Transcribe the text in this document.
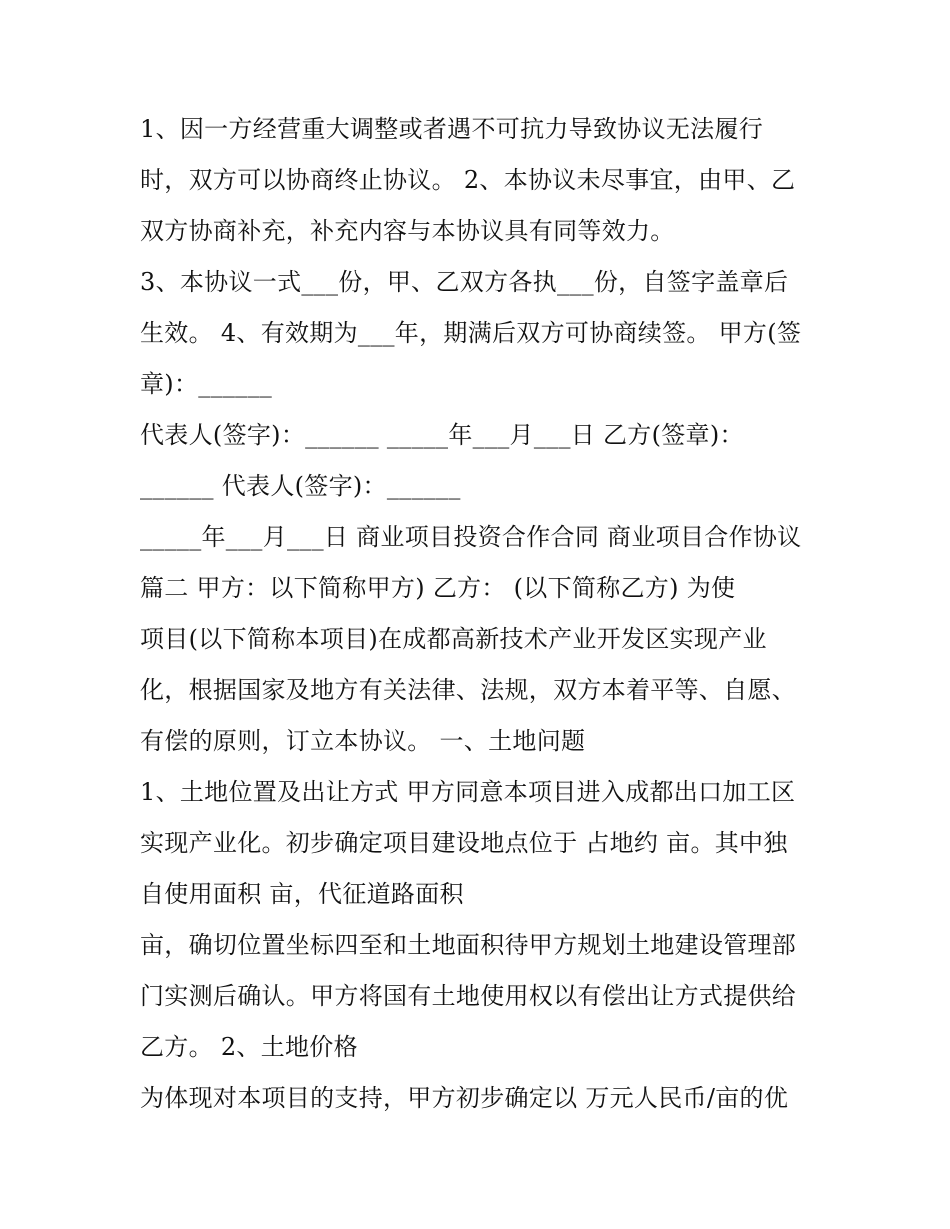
1、因一方经营重大调整或者遇不可抗力导致协议无法履行
时，双方可以协商终止协议。 2、本协议未尽事宜，由甲、乙
双方协商补充，补充内容与本协议具有同等效力。
3、本协议一式___份，甲、乙双方各执___份，自签字盖章后
生效。 4、有效期为___年，期满后双方可协商续签。 甲方(签
章)：______
代表人(签字)：______ _____年___月___日 乙方(签章)：
______ 代表人(签字)：______
_____年___月___日 商业项目投资合作合同 商业项目合作协议
篇二 甲方：以下简称甲方) 乙方： (以下简称乙方) 为使
项目(以下简称本项目)在成都高新技术产业开发区实现产业
化，根据国家及地方有关法律、法规，双方本着平等、自愿、
有偿的原则，订立本协议。 一、土地问题
1、土地位置及出让方式 甲方同意本项目进入成都出口加工区
实现产业化。初步确定项目建设地点位于 占地约 亩。其中独
自使用面积 亩，代征道路面积
亩，确切位置坐标四至和土地面积待甲方规划土地建设管理部
门实测后确认。甲方将国有土地使用权以有偿出让方式提供给
乙方。 2、土地价格
为体现对本项目的支持，甲方初步确定以 万元人民币/亩的优
